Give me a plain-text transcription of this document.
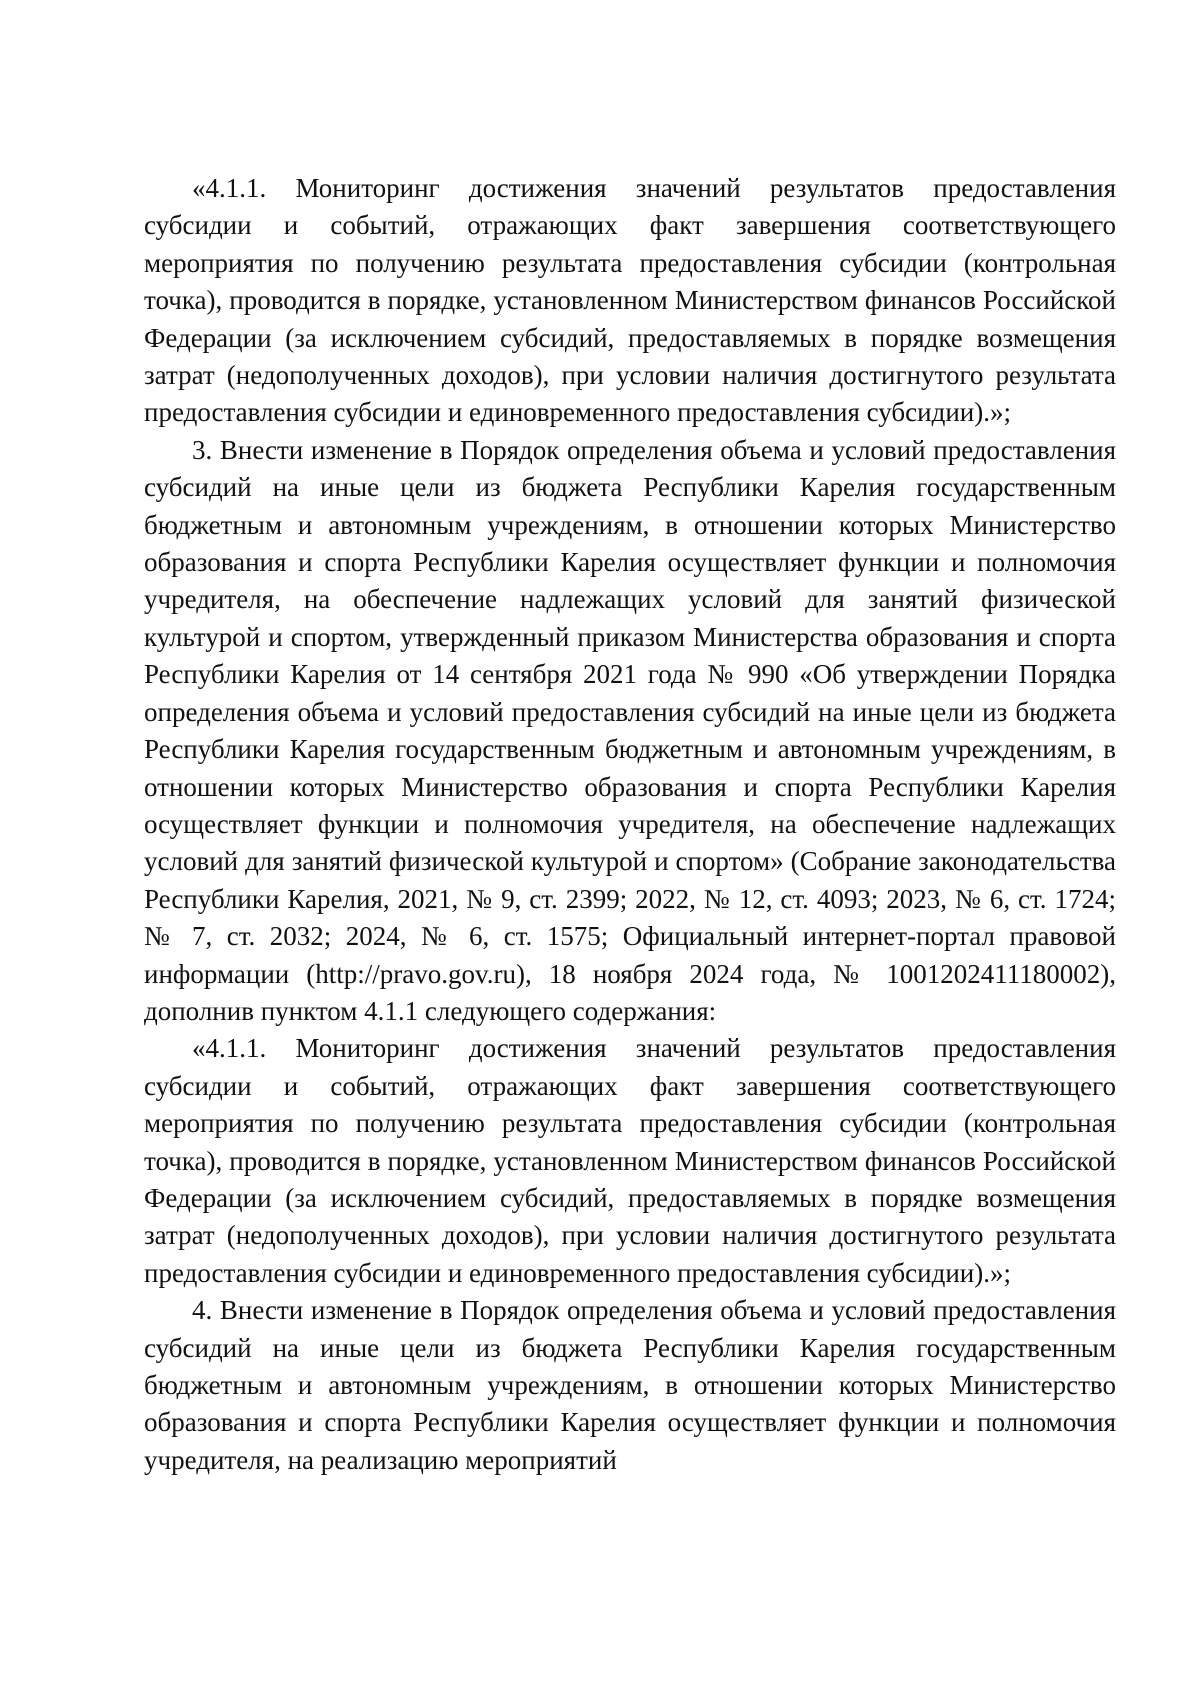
«4.1.1. Мониторинг достижения значений результатов предоставления субсидии и событий, отражающих факт завершения соответствующего мероприятия по получению результата предоставления субсидии (контрольная точка), проводится в порядке, установленном Министерством финансов Российской Федерации (за исключением субсидий, предоставляемых в порядке возмещения затрат (недополученных доходов), при условии наличия достигнутого результата предоставления субсидии и единовременного предоставления субсидии).»;

3. Внести изменение в Порядок определения объема и условий предоставления субсидий на иные цели из бюджета Республики Карелия государственным бюджетным и автономным учреждениям, в отношении которых Министерство образования и спорта Республики Карелия осуществляет функции и полномочия учредителя, на обеспечение надлежащих условий для занятий физической культурой и спортом, утвержденный приказом Министерства образования и спорта Республики Карелия от 14 сентября 2021 года № 990 «Об утверждении Порядка определения объема и условий предоставления субсидий на иные цели из бюджета Республики Карелия государственным бюджетным и автономным учреждениям, в отношении которых Министерство образования и спорта Республики Карелия осуществляет функции и полномочия учредителя, на обеспечение надлежащих условий для занятий физической культурой и спортом» (Собрание законодательства Республики Карелия, 2021, № 9, ст. 2399; 2022, № 12, ст. 4093; 2023, № 6, ст. 1724; № 7, ст. 2032; 2024, № 6, ст. 1575; Официальный интернет-портал правовой информации (http://pravo.gov.ru), 18 ноября 2024 года, № 1001202411180002), дополнив пунктом 4.1.1 следующего содержания:

«4.1.1. Мониторинг достижения значений результатов предоставления субсидии и событий, отражающих факт завершения соответствующего мероприятия по получению результата предоставления субсидии (контрольная точка), проводится в порядке, установленном Министерством финансов Российской Федерации (за исключением субсидий, предоставляемых в порядке возмещения затрат (недополученных доходов), при условии наличия достигнутого результата предоставления субсидии и единовременного предоставления субсидии).»;

4. Внести изменение в Порядок определения объема и условий предоставления субсидий на иные цели из бюджета Республики Карелия государственным бюджетным и автономным учреждениям, в отношении которых Министерство образования и спорта Республики Карелия осуществляет функции и полномочия учредителя, на реализацию мероприятий
